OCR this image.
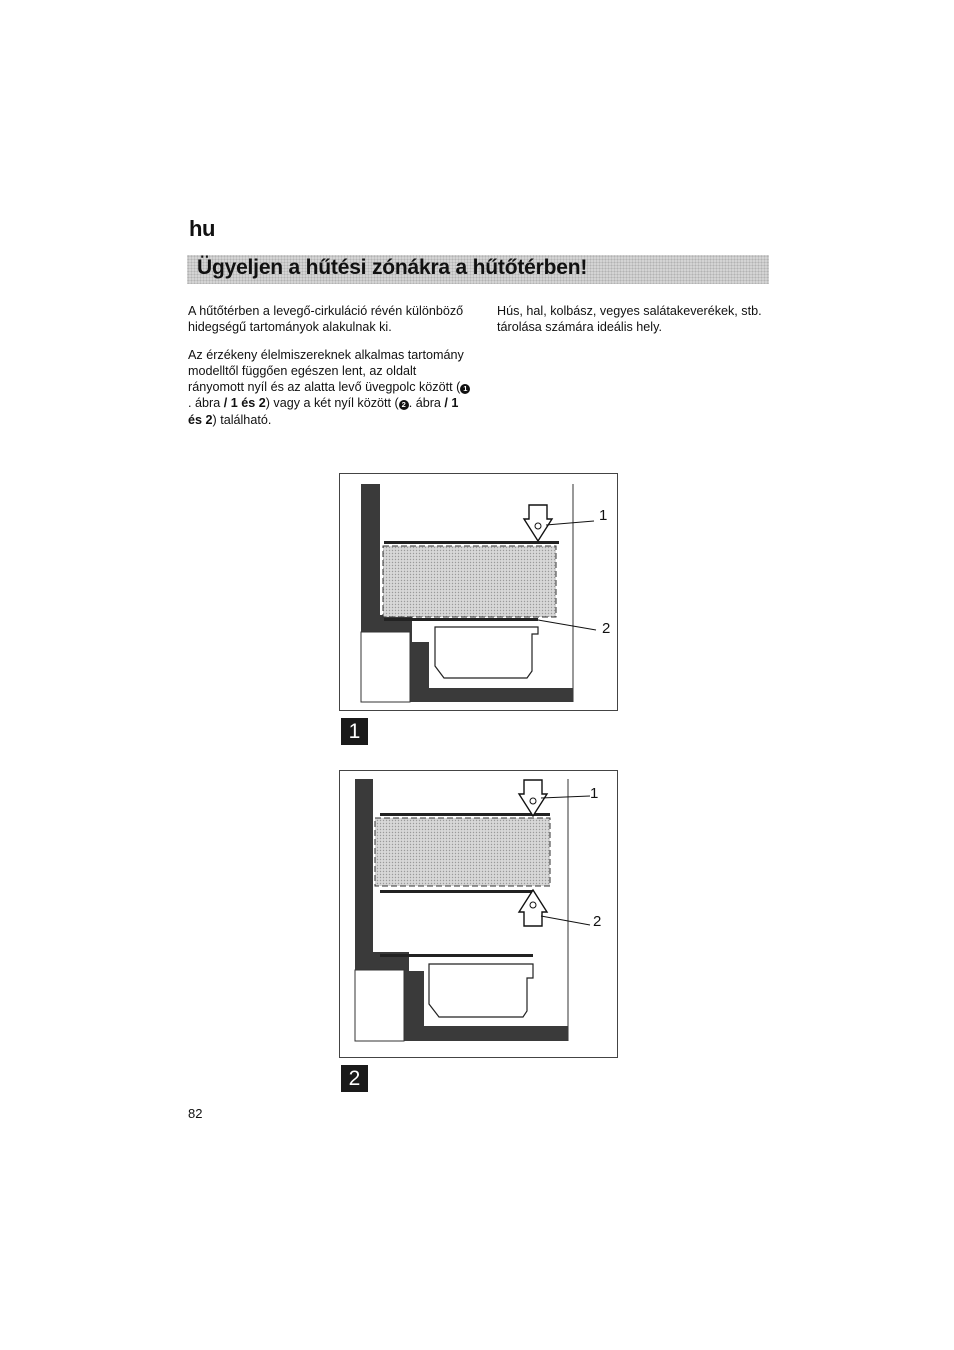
hu
Ügyeljen a hűtési zónákra a hűtőtérben!

A hűtőtérben a levegő-cirkuláció révén különböző hidegségű tartományok alakulnak ki.

Az érzékeny élelmiszereknek alkalmas tartomány modelltől függően egészen lent, az oldalt rányomott nyíl és az alatta levő üvegpolc között ( 1. ábra / 1 és 2) vagy a két nyíl között ( 2 . ábra / 1 és 2) található.

Hús, hal, kolbász, vegyes salátakeverékek, stb. tárolása számára ideális hely.

1
2
1
1
2
2
82
